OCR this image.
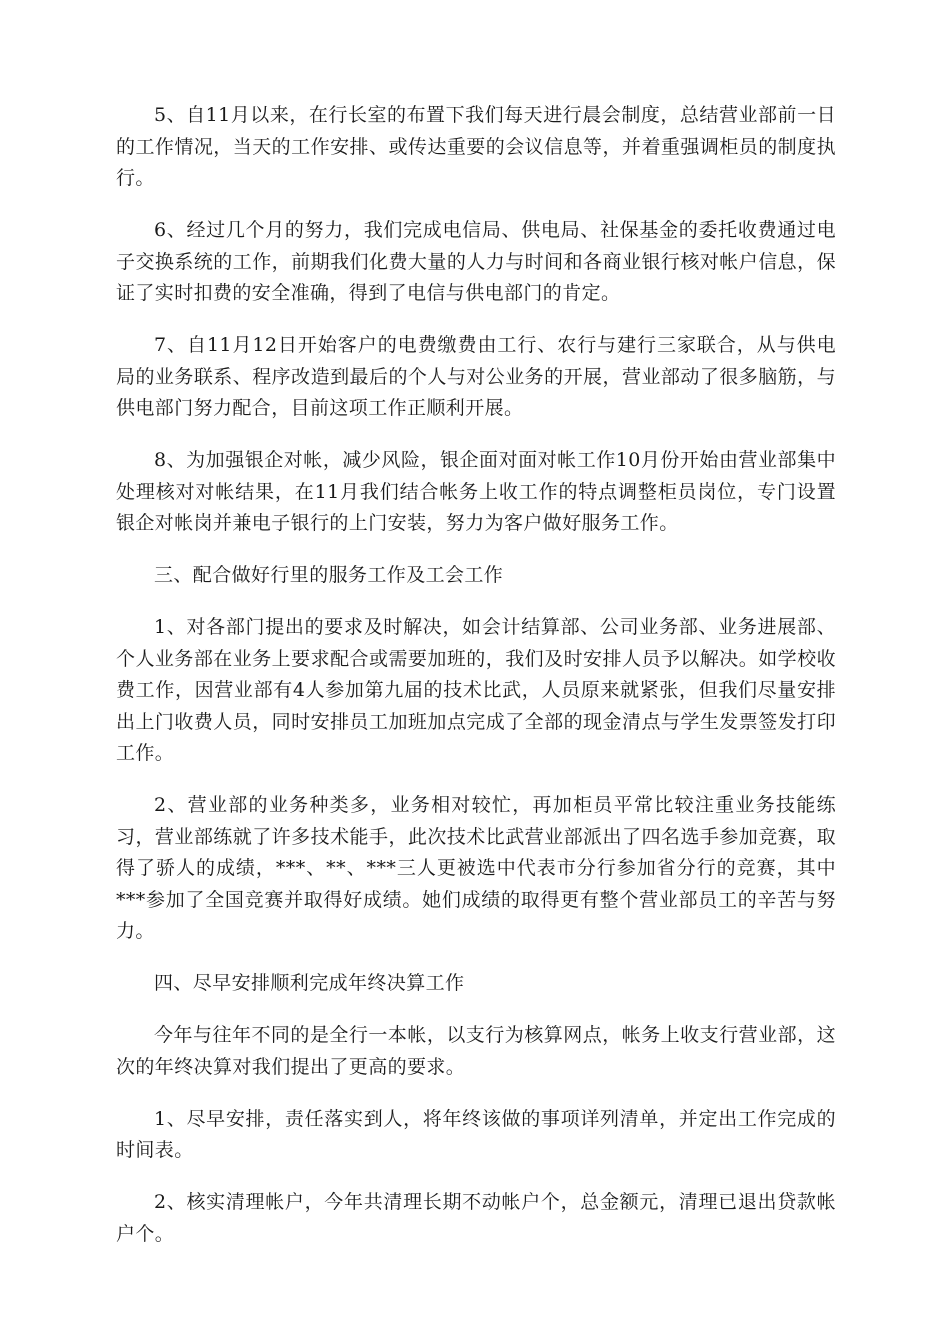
5、自11月以来，在行长室的布置下我们每天进行晨会制度，总结营业部前一日的工作情况，当天的工作安排、或传达重要的会议信息等，并着重强调柜员的制度执行。

6、经过几个月的努力，我们完成电信局、供电局、社保基金的委托收费通过电子交换系统的工作，前期我们化费大量的人力与时间和各商业银行核对帐户信息，保证了实时扣费的安全准确，得到了电信与供电部门的肯定。

7、自11月12日开始客户的电费缴费由工行、农行与建行三家联合，从与供电局的业务联系、程序改造到最后的个人与对公业务的开展，营业部动了很多脑筋，与供电部门努力配合，目前这项工作正顺利开展。

8、为加强银企对帐，减少风险，银企面对面对帐工作10月份开始由营业部集中处理核对对帐结果，在11月我们结合帐务上收工作的特点调整柜员岗位，专门设置银企对帐岗并兼电子银行的上门安装，努力为客户做好服务工作。

三、配合做好行里的服务工作及工会工作

1、对各部门提出的要求及时解决，如会计结算部、公司业务部、业务进展部、个人业务部在业务上要求配合或需要加班的，我们及时安排人员予以解决。如学校收费工作，因营业部有4人参加第九届的技术比武，人员原来就紧张，但我们尽量安排出上门收费人员，同时安排员工加班加点完成了全部的现金清点与学生发票签发打印工作。

2、营业部的业务种类多，业务相对较忙，再加柜员平常比较注重业务技能练习，营业部练就了许多技术能手，此次技术比武营业部派出了四名选手参加竞赛，取得了骄人的成绩，***、**、***三人更被选中代表市分行参加省分行的竞赛，其中***参加了全国竞赛并取得好成绩。她们成绩的取得更有整个营业部员工的辛苦与努力。

四、尽早安排顺利完成年终决算工作

今年与往年不同的是全行一本帐，以支行为核算网点，帐务上收支行营业部，这次的年终决算对我们提出了更高的要求。

1、尽早安排，责任落实到人，将年终该做的事项详列清单，并定出工作完成的时间表。

2、核实清理帐户，今年共清理长期不动帐户个，总金额元，清理已退出贷款帐户个。
